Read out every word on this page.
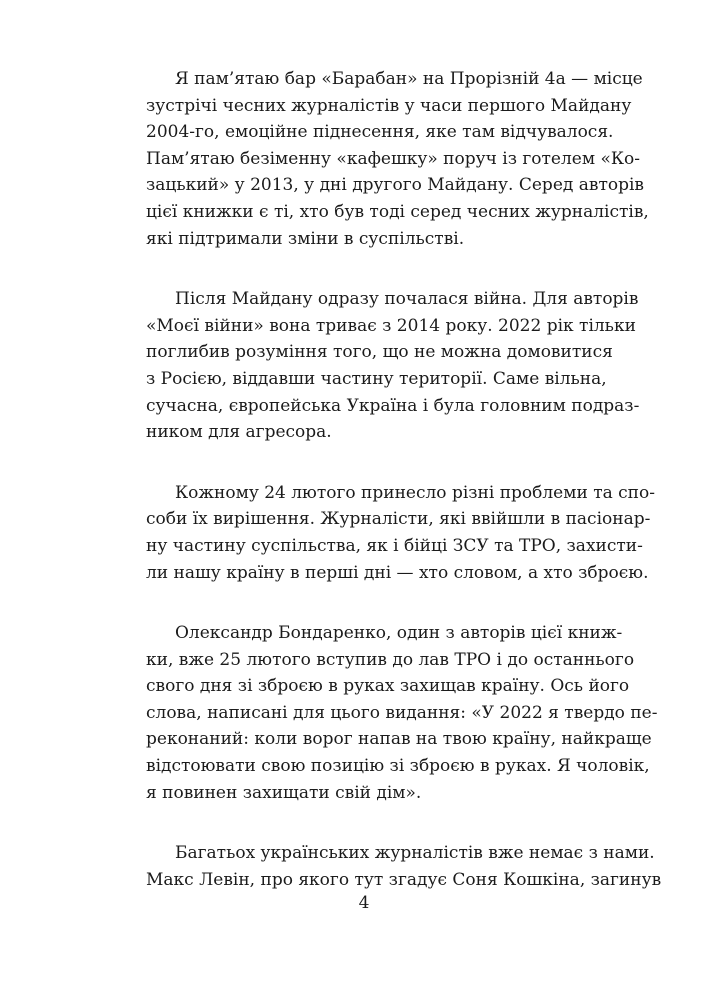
Я пам’ятаю бар «Барабан» на Прорізній 4а — місце
зустрічі чесних журналістів у часи першого Майдану
2004-го, емоційне піднесення, яке там відчувалося.
Пам’ятаю безіменну «кафешку» поруч із готелем «Ко-
зацький» у 2013, у дні другого Майдану. Серед авторів
цієї книжки є ті, хто був тоді серед чесних журналістів,
які підтримали зміни в суспільстві.

Після Майдану одразу почалася війна. Для авторів
«Моєї війни» вона триває з 2014 року. 2022 рік тільки
поглибив розуміння того, що не можна домовитися
з Росією, віддавши частину території. Саме вільна,
сучасна, європейська Україна і була головним подраз-
ником для агресора.

Кожному 24 лютого принесло різні проблеми та спо-
соби їх вирішення. Журналісти, які ввійшли в пасіонар-
ну частину суспільства, як і бійці ЗСУ та ТРО, захисти-
ли нашу країну в перші дні — хто словом, а хто зброєю.

Олександр Бондаренко, один з авторів цієї книж-
ки, вже 25 лютого вступив до лав ТРО і до останнього
свого дня зі зброєю в руках захищав країну. Ось його
слова, написані для цього видання: «У 2022 я твердо пе-
реконаний: коли ворог напав на твою країну, найкраще
відстоювати свою позицію зі зброєю в руках. Я чоловік,
я повинен захищати свій дім».

Багатьох українських журналістів вже немає з нами.
Макс Левін, про якого тут згадує Соня Кошкіна, загинув

4
